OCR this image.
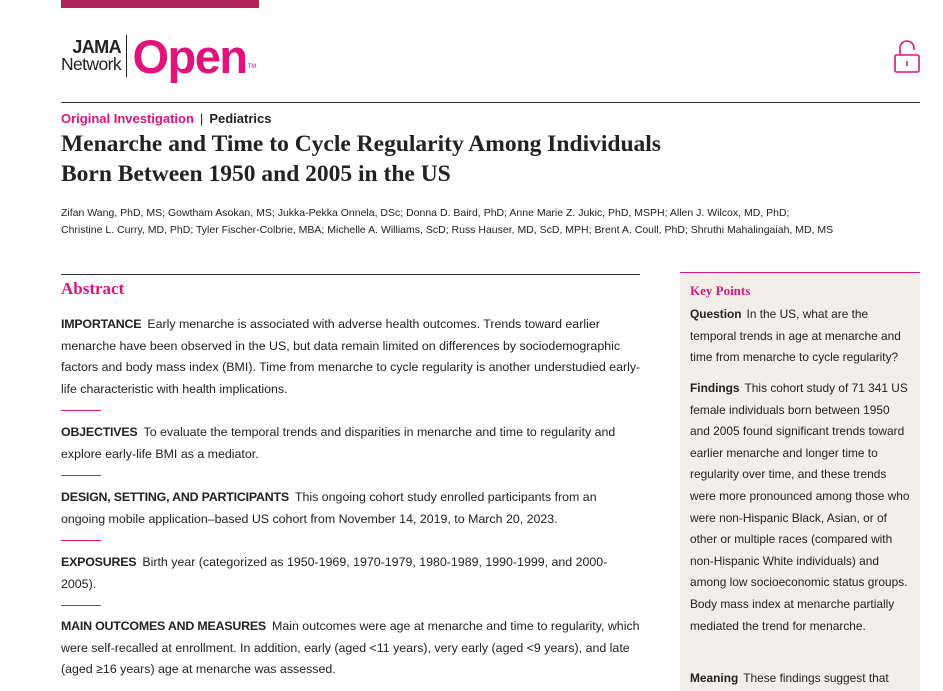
JAMA
Network Open TM
Original Investigation | Pediatrics
Menarche and Time to Cycle Regularity Among Individuals
Born Between 1950 and 2005 in the US
Zifan Wang, PhD, MS; Gowtham Asokan, MS; Jukka-Pekka Onnela, DSc; Donna D. Baird, PhD; Anne Marie Z. Jukic, PhD, MSPH; Allen J. Wilcox, MD, PhD;
Christine L. Curry, MD, PhD; Tyler Fischer-Colbrie, MBA; Michelle A. Williams, ScD; Russ Hauser, MD, ScD, MPH; Brent A. Coull, PhD; Shruthi Mahalingaiah, MD, MS
Abstract

IMPORTANCE Early menarche is associated with adverse health outcomes. Trends toward earlier menarche have been observed in the US, but data remain limited on differences by sociodemographic factors and body mass index (BMI). Time from menarche to cycle regularity is another understudied early-life characteristic with health implications.

OBJECTIVES To evaluate the temporal trends and disparities in menarche and time to regularity and explore early-life BMI as a mediator.

DESIGN, SETTING, AND PARTICIPANTS This ongoing cohort study enrolled participants from an ongoing mobile application–based US cohort from November 14, 2019, to March 20, 2023.

EXPOSURES Birth year (categorized as 1950-1969, 1970-1979, 1980-1989, 1990-1999, and 2000-2005).

MAIN OUTCOMES AND MEASURES Main outcomes were age at menarche and time to regularity, which were self-recalled at enrollment. In addition, early (aged <11 years), very early (aged <9 years), and late (aged ≥16 years) age at menarche was assessed.

Key Points

Question In the US, what are the temporal trends in age at menarche and time from menarche to cycle regularity?

Findings This cohort study of 71 341 US female individuals born between 1950 and 2005 found significant trends toward earlier menarche and longer time to regularity over time, and these trends were more pronounced among those who were non-Hispanic Black, Asian, or of other or multiple races (compared with non-Hispanic White individuals) and among low socioeconomic status groups. Body mass index at menarche partially mediated the trend for menarche.

Meaning These findings suggest that
